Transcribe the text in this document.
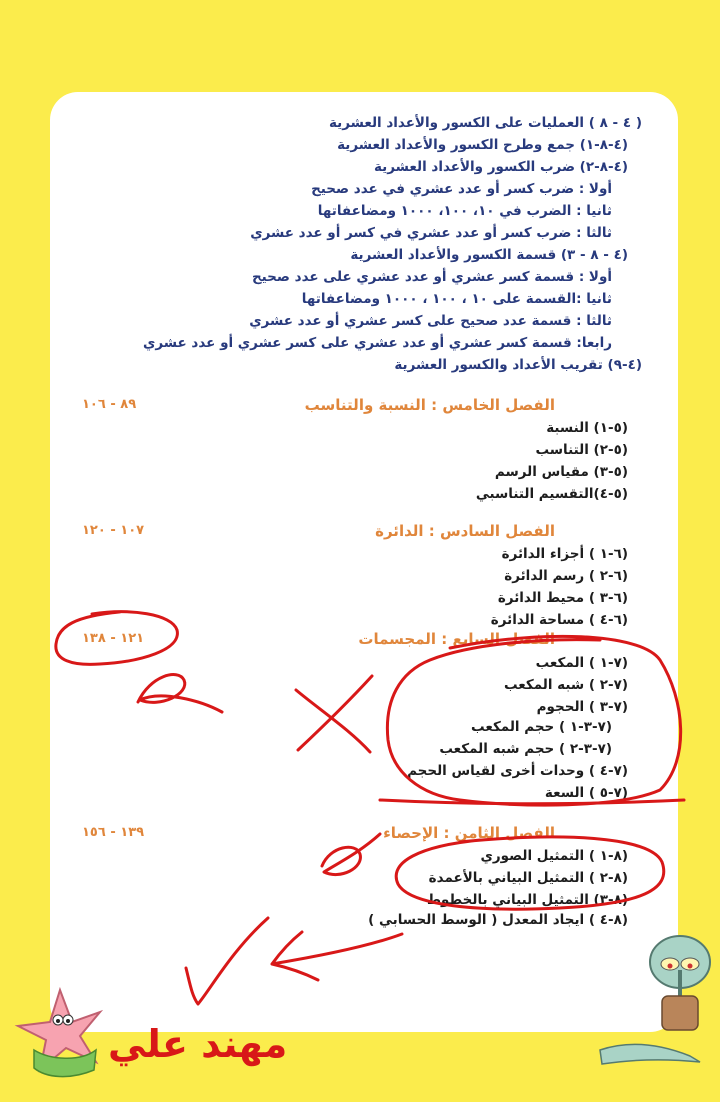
( ٤ - ٨ ) العمليات على الكسور والأعداد العشرية
(٤-٨-١) جمع وطرح الكسور والأعداد العشرية
(٤-٨-٢) ضرب الكسور والأعداد العشرية
أولا : ضرب كسر أو عدد عشري في عدد صحيح
ثانيا : الضرب في ١٠، ١٠٠، ١٠٠٠ ومضاعفاتها
ثالثا : ضرب كسر أو عدد عشري في كسر أو عدد عشري
(٤ - ٨ - ٣) قسمة الكسور والأعداد العشرية
أولا : قسمة كسر عشري أو عدد عشري على عدد صحيح
ثانيا :القسمة على ١٠ ، ١٠٠ ، ١٠٠٠ ومضاعفاتها
ثالثا : قسمة عدد صحيح على كسر عشري أو عدد عشري
رابعا: قسمة كسر عشري أو عدد عشري على كسر عشري أو عدد عشري
(٤-٩) تقريب الأعداد والكسور العشرية
الفصل الخامس : النسبة والتناسب
٨٩ - ١٠٦
(٥-١) النسبة
(٥-٢) التناسب
(٥-٣) مقياس الرسم
(٥-٤)التقسيم التناسبي
الفصل السادس : الدائرة
١٠٧ - ١٢٠
(٦-١ ) أجزاء الدائرة
(٦-٢ ) رسم الدائرة
(٦-٣ ) محيط الدائرة
(٦-٤ ) مساحة الدائرة
الفصل السابع : المجسمات
١٢١ - ١٣٨
(٧-١ ) المكعب
(٧-٢ ) شبه المكعب
(٧-٣ ) الحجوم
(٧-٣-١ ) حجم المكعب
(٧-٣-٢ ) حجم شبه المكعب
(٧-٤ ) وحدات أخرى لقياس الحجم
(٧-٥ ) السعة
الفصل الثامن : الإحصاء
١٣٩ - ١٥٦
(٨-١ ) التمثيل الصوري
(٨-٢ ) التمثيل البياني بالأعمدة
(٨-٣) التمثيل البياني بالخطوط
(٨-٤ ) ايجاد المعدل ( الوسط الحسابي )
مهند علي
